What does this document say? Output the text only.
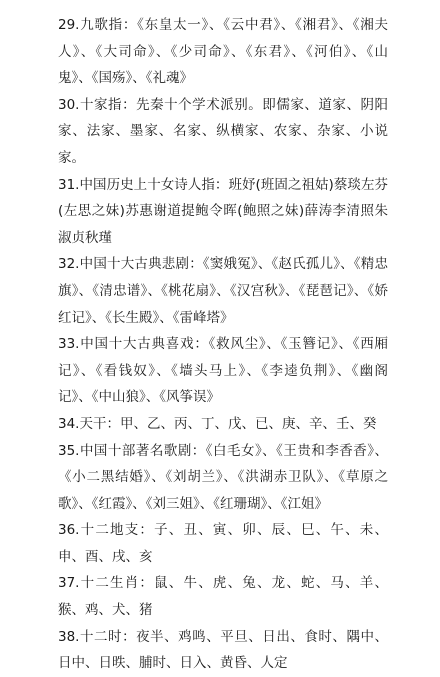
29.九歌指：《东皇太一》、《云中君》、《湘君》、《湘夫人》、《大司命》、《少司命》、《东君》、《河伯》、《山鬼》、《国殇》、《礼魂》

30.十家指：先秦十个学术派别。即儒家、道家、阴阳家、法家、墨家、名家、纵横家、农家、杂家、小说家。

31.中国历史上十女诗人指：班妤(班固之祖姑)蔡琰左芬(左思之妹)苏惠谢道提鲍令晖(鲍照之妹)薛涛李清照朱淑贞秋瑾

32.中国十大古典悲剧：《窦娥冤》、《赵氏孤儿》、《精忠旗》、《清忠谱》、《桃花扇》、《汉宫秋》、《琵琶记》、《娇红记》、《长生殿》、《雷峰塔》

33.中国十大古典喜戏：《救风尘》、《玉簪记》、《西厢记》、《看钱奴》、《墙头马上》、《李逵负荆》、《幽阁记》、《中山狼》、《风筝误》

34.天干：甲、乙、丙、丁、戊、已、庚、辛、壬、癸

35.中国十部著名歌剧：《白毛女》、《王贵和李香香》、《小二黑结婚》、《刘胡兰》、《洪湖赤卫队》、《草原之歌》、《红霞》、《刘三姐》、《红珊瑚》、《江姐》

36.十二地支：子、丑、寅、卯、辰、巳、午、未、申、酉、戌、亥

37.十二生肖：鼠、牛、虎、兔、龙、蛇、马、羊、猴、鸡、犬、猪

38.十二时：夜半、鸡鸣、平旦、日出、食时、隅中、日中、日昳、脯时、日入、黄昏、人定
